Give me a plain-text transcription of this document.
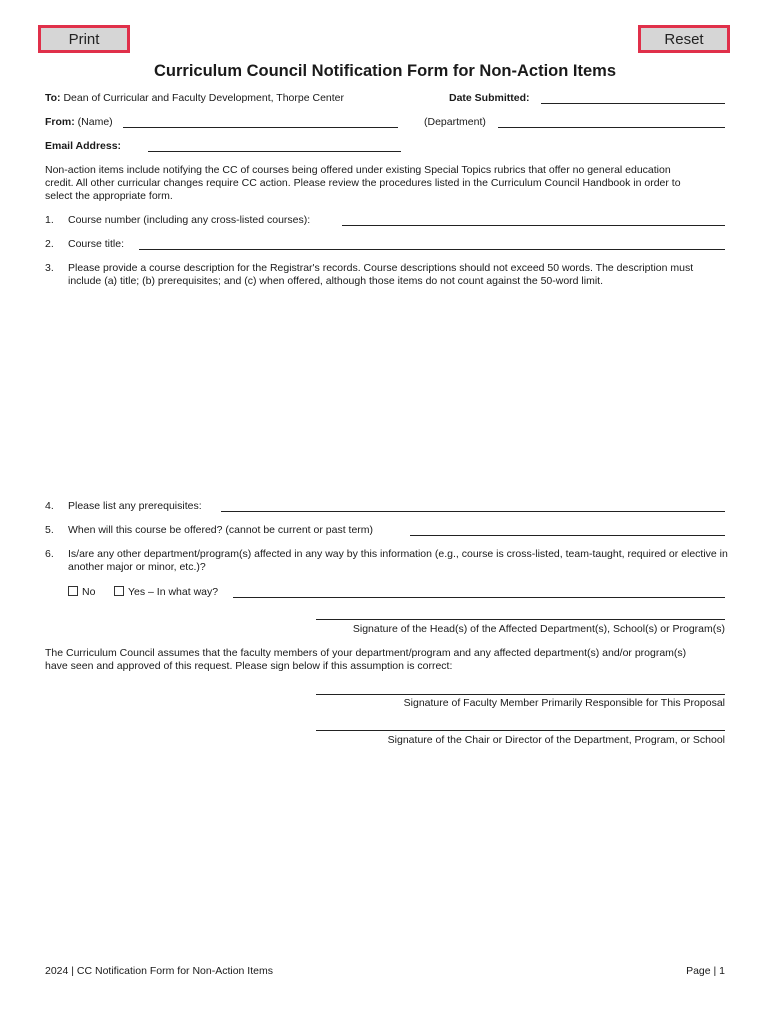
Print	Reset
Curriculum Council Notification Form for Non-Action Items
To: Dean of Curricular and Faculty Development, Thorpe Center	Date Submitted:
From: (Name)	(Department)
Email Address:
Non-action items include notifying the CC of courses being offered under existing Special Topics rubrics that offer no general education credit. All other curricular changes require CC action. Please review the procedures listed in the Curriculum Council Handbook in order to select the appropriate form.
1. Course number (including any cross-listed courses):
2. Course title:
3. Please provide a course description for the Registrar's records. Course descriptions should not exceed 50 words. The description must include (a) title; (b) prerequisites; and (c) when offered, although those items do not count against the 50-word limit.
4. Please list any prerequisites:
5. When will this course be offered? (cannot be current or past term)
6. Is/are any other department/program(s) affected in any way by this information (e.g., course is cross-listed, team-taught, required or elective in another major or minor, etc.)?
No	Yes – In what way?
Signature of the Head(s) of the Affected Department(s), School(s) or Program(s)
The Curriculum Council assumes that the faculty members of your department/program and any affected department(s) and/or program(s) have seen and approved of this request. Please sign below if this assumption is correct:
Signature of Faculty Member Primarily Responsible for This Proposal
Signature of the Chair or Director of the Department, Program, or School
2024 | CC Notification Form for Non-Action Items	Page | 1
